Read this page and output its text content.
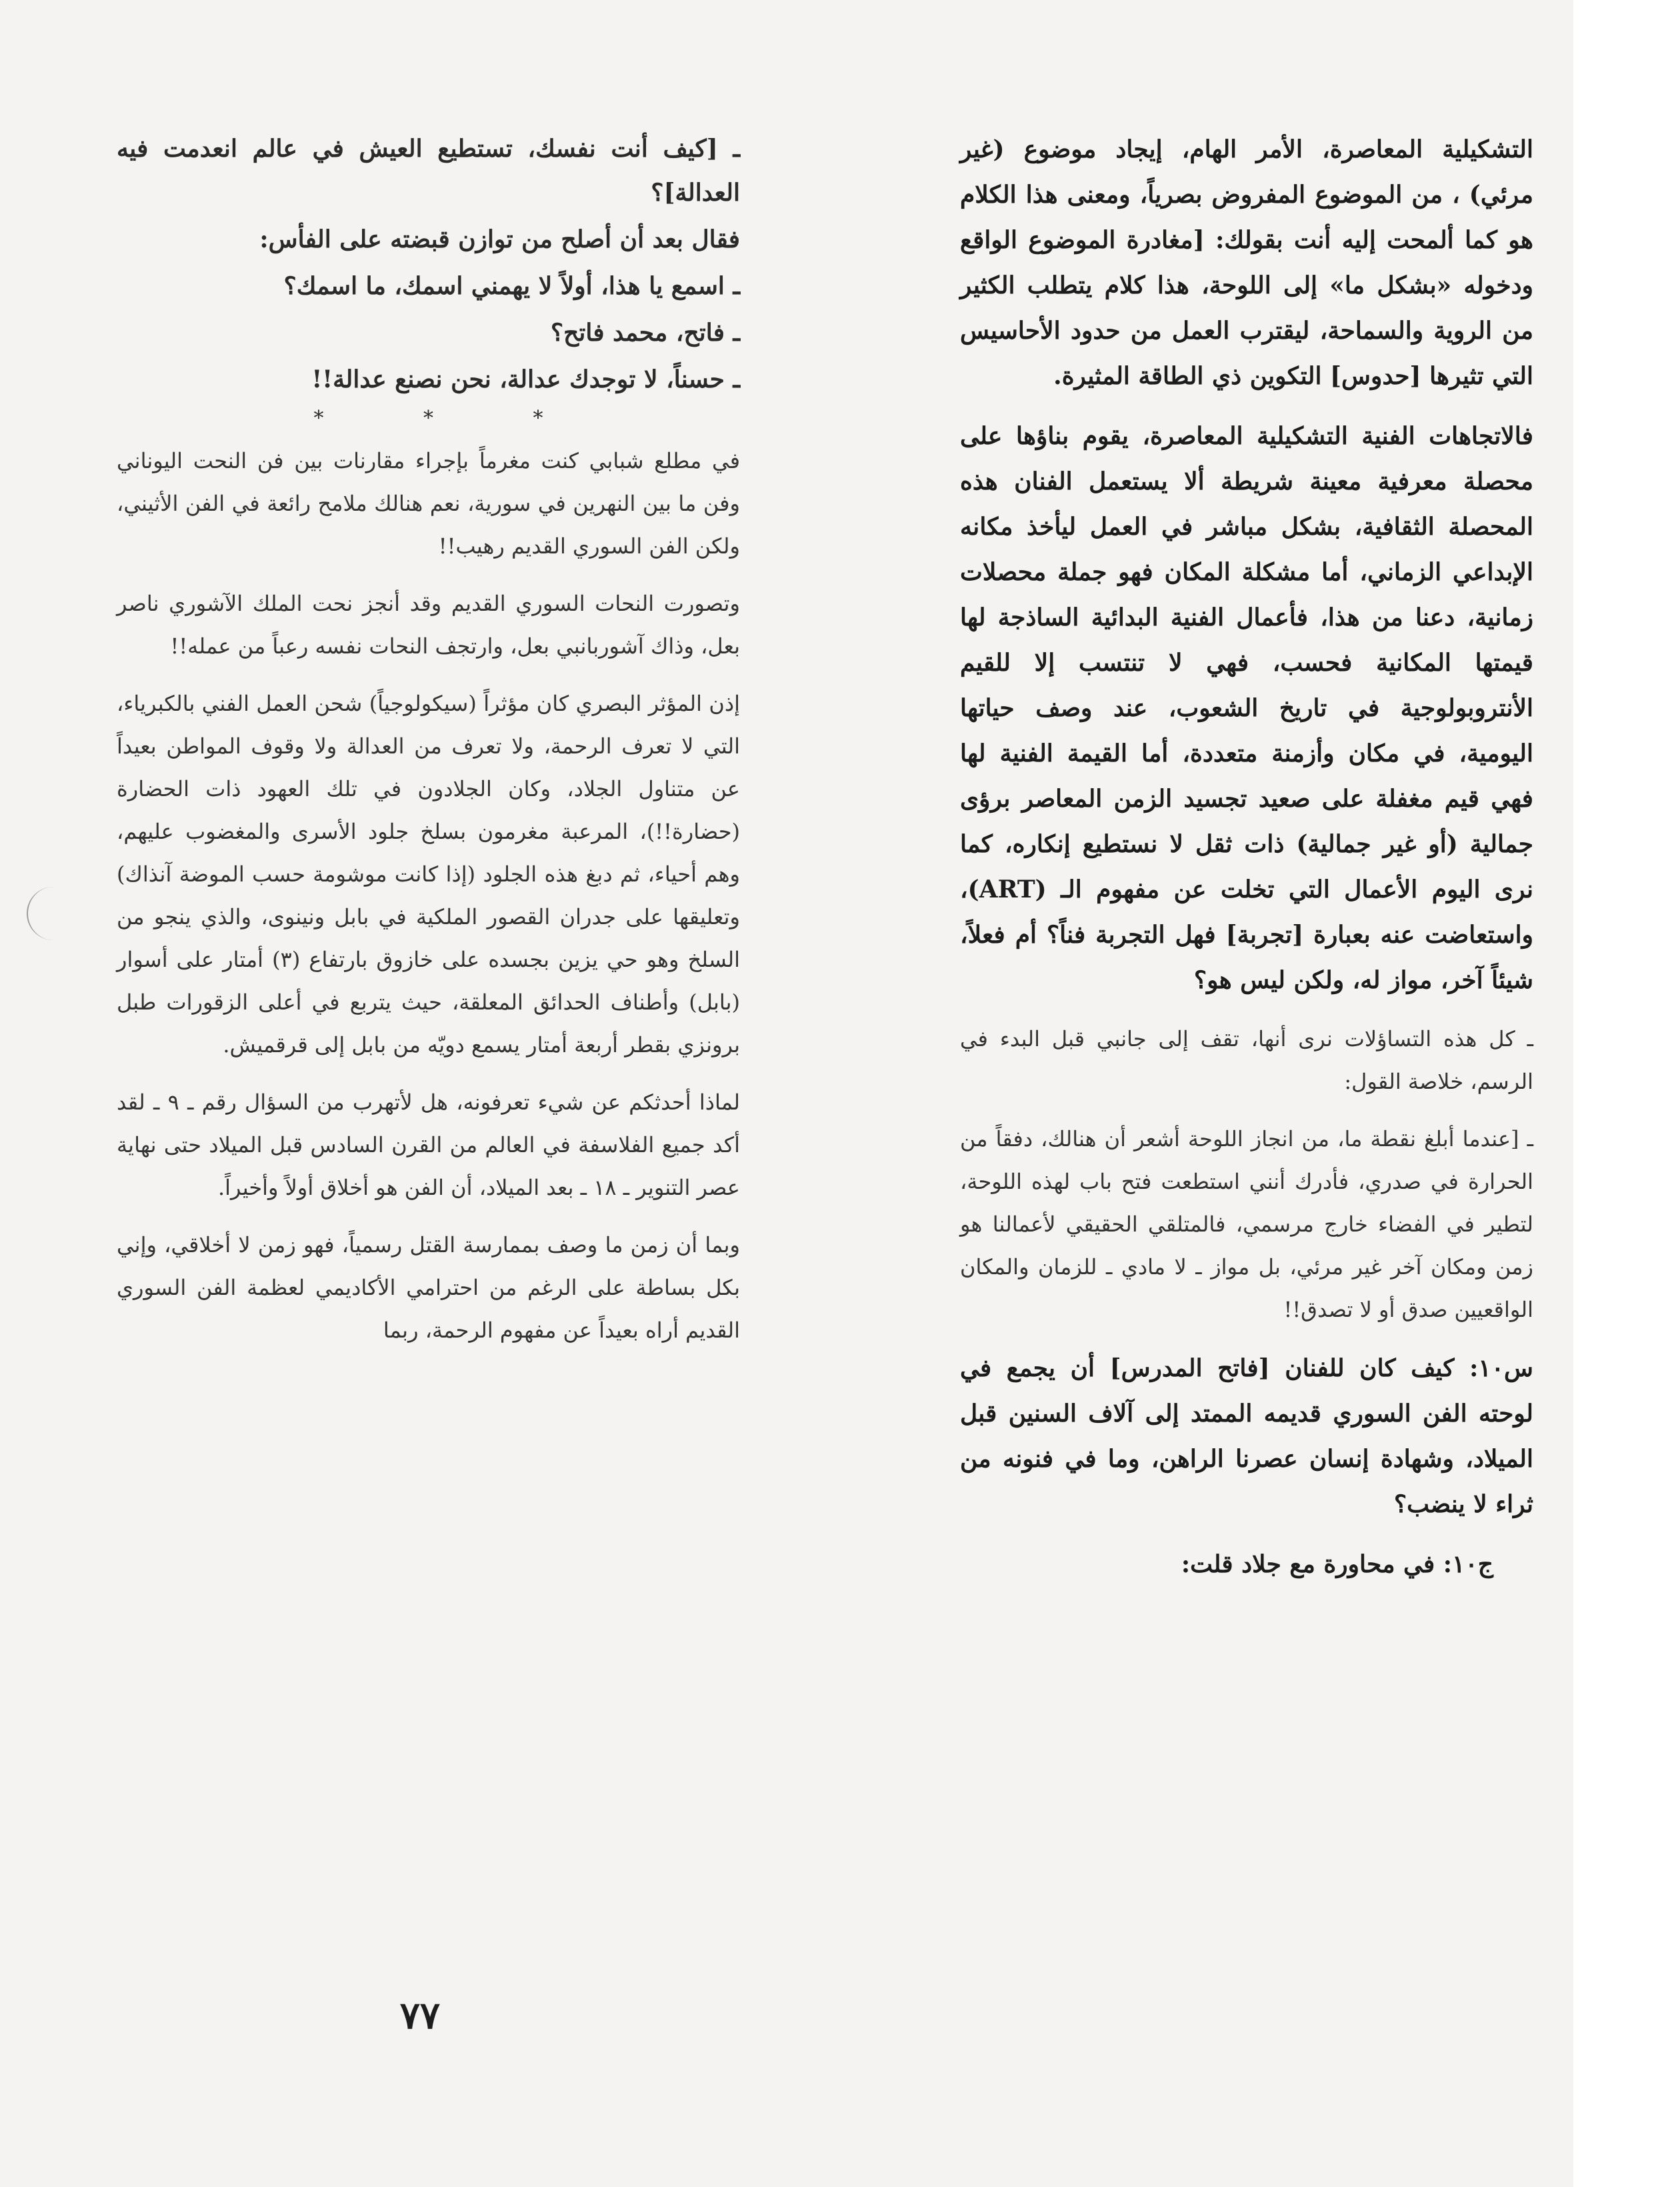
التشكيلية المعاصرة، الأمر الهام، إيجاد موضوع (غير مرئي) ، من الموضوع المفروض بصرياً، ومعنى هذا الكلام هو كما ألمحت إليه أنت بقولك: [مغادرة الموضوع الواقع ودخوله «بشكل ما» إلى اللوحة، هذا كلام يتطلب الكثير من الروية والسماحة، ليقترب العمل من حدود الأحاسيس التي تثيرها [حدوس] التكوين ذي الطاقة المثيرة.

فالاتجاهات الفنية التشكيلية المعاصرة، يقوم بناؤها على محصلة معرفية معينة شريطة ألا يستعمل الفنان هذه المحصلة الثقافية، بشكل مباشر في العمل ليأخذ مكانه الإبداعي الزماني، أما مشكلة المكان فهو جملة محصلات زمانية، دعنا من هذا، فأعمال الفنية البدائية الساذجة لها قيمتها المكانية فحسب، فهي لا تنتسب إلا للقيم الأنتروبولوجية في تاريخ الشعوب، عند وصف حياتها اليومية، في مكان وأزمنة متعددة، أما القيمة الفنية لها فهي قيم مغفلة على صعيد تجسيد الزمن المعاصر برؤى جمالية (أو غير جمالية) ذات ثقل لا نستطيع إنكاره، كما نرى اليوم الأعمال التي تخلت عن مفهوم الـ (ART)، واستعاضت عنه بعبارة [تجربة] فهل التجربة فناً؟ أم فعلاً، شيئاً آخر، مواز له، ولكن ليس هو؟

ـ كل هذه التساؤلات نرى أنها، تقف إلى جانبي قبل البدء في الرسم، خلاصة القول:

ـ [عندما أبلغ نقطة ما، من انجاز اللوحة أشعر أن هنالك، دفقاً من الحرارة في صدري، فأدرك أنني استطعت فتح باب لهذه اللوحة، لتطير في الفضاء خارج مرسمي، فالمتلقي الحقيقي لأعمالنا هو زمن ومكان آخر غير مرئي، بل مواز ـ لا مادي ـ للزمان والمكان الواقعيين صدق أو لا تصدق!!

س١٠: كيف كان للفنان [فاتح المدرس] أن يجمع في لوحته الفن السوري قديمه الممتد إلى آلاف السنين قبل الميلاد، وشهادة إنسان عصرنا الراهن، وما في فنونه من ثراء لا ينضب؟

ج١٠: في محاورة مع جلاد قلت:

ـ [كيف أنت نفسك، تستطيع العيش في عالم انعدمت فيه العدالة]؟

فقال بعد أن أصلح من توازن قبضته على الفأس:

ـ اسمع يا هذا، أولاً لا يهمني اسمك، ما اسمك؟

ـ فاتح، محمد فاتح؟

ـ حسناً، لا توجدك عدالة، نحن نصنع عدالة!!

* * *

في مطلع شبابي كنت مغرماً بإجراء مقارنات بين فن النحت اليوناني وفن ما بين النهرين في سورية، نعم هنالك ملامح رائعة في الفن الأثيني، ولكن الفن السوري القديم رهيب!!

وتصورت النحات السوري القديم وقد أنجز نحت الملك الآشوري ناصر بعل، وذاك آشوربانبي بعل، وارتجف النحات نفسه رعباً من عمله!!

إذن المؤثر البصري كان مؤثراً (سيكولوجياً) شحن العمل الفني بالكبرياء، التي لا تعرف الرحمة، ولا تعرف من العدالة ولا وقوف المواطن بعيداً عن متناول الجلاد، وكان الجلادون في تلك العهود ذات الحضارة (حضارة!!)، المرعبة مغرمون بسلخ جلود الأسرى والمغضوب عليهم، وهم أحياء، ثم دبغ هذه الجلود (إذا كانت موشومة حسب الموضة آنذاك) وتعليقها على جدران القصور الملكية في بابل ونينوى، والذي ينجو من السلخ وهو حي يزين بجسده على خازوق بارتفاع (٣) أمتار على أسوار (بابل) وأطناف الحدائق المعلقة، حيث يتربع في أعلى الزقورات طبل برونزي بقطر أربعة أمتار يسمع دويّه من بابل إلى قرقميش.

لماذا أحدثكم عن شيء تعرفونه، هل لأتهرب من السؤال رقم ـ ٩ ـ لقد أكد جميع الفلاسفة في العالم من القرن السادس قبل الميلاد حتى نهاية عصر التنوير ـ ١٨ ـ بعد الميلاد، أن الفن هو أخلاق أولاً وأخيراً.

وبما أن زمن ما وصف بممارسة القتل رسمياً، فهو زمن لا أخلاقي، وإني بكل بساطة على الرغم من احترامي الأكاديمي لعظمة الفن السوري القديم أراه بعيداً عن مفهوم الرحمة، ربما

٧٧
